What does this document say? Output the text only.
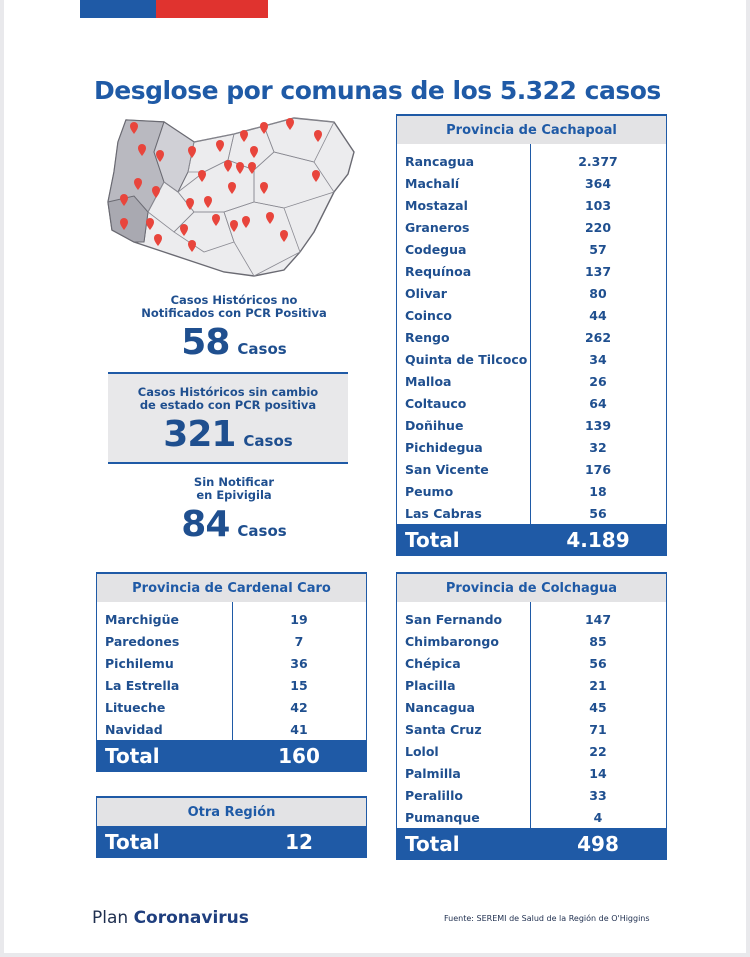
Desglose por comunas de los 5.322 casos
Casos Históricos no
Notificados con PCR Positiva
58 Casos
Casos Históricos sin cambio
de estado con PCR positiva
321 Casos
Sin Notificar
en Epivigila
84 Casos
Provincia de Cachapoal
Rancagua	2.377
Machalí	364
Mostazal	103
Graneros	220
Codegua	57
Requínoa	137
Olivar	80
Coinco	44
Rengo	262
Quinta de Tilcoco	34
Malloa	26
Coltauco	64
Doñihue	139
Pichidegua	32
San Vicente	176
Peumo	18
Las Cabras	56
Total	4.189
Provincia de Cardenal Caro
Marchigüe	19
Paredones	7
Pichilemu	36
La Estrella	15
Litueche	42
Navidad	41
Total	160
Provincia de Colchagua
San Fernando	147
Chimbarongo	85
Chépica	56
Placilla	21
Nancagua	45
Santa Cruz	71
Lolol	22
Palmilla	14
Peralillo	33
Pumanque	4
Total	498
Otra Región
Total	12
Plan Coronavirus	Fuente: SEREMI de Salud de la Región de O'Higgins
